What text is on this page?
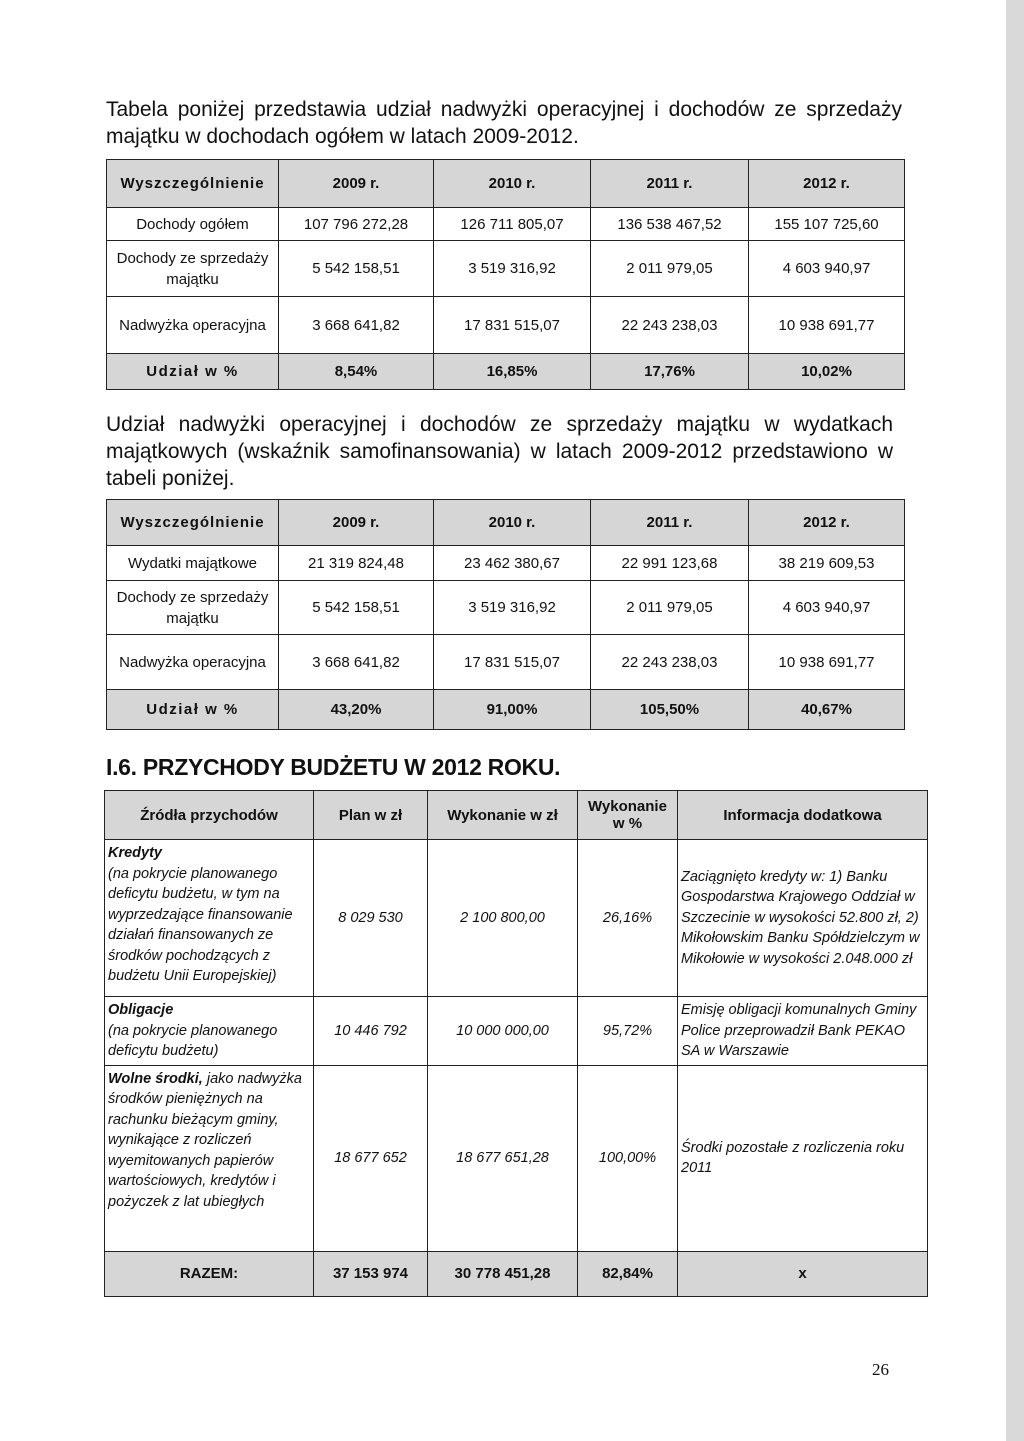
Tabela poniżej przedstawia udział nadwyżki operacyjnej i dochodów ze sprzedaży majątku w dochodach ogółem w latach 2009-2012.

Wyszczególnienie	2009 r.	2010 r.	2011 r.	2012 r.
Dochody ogółem	107 796 272,28	126 711 805,07	136 538 467,52	155 107 725,60
Dochody ze sprzedaży majątku	5 542 158,51	3 519 316,92	2 011 979,05	4 603 940,97
Nadwyżka operacyjna	3 668 641,82	17 831 515,07	22 243 238,03	10 938 691,77
Udział w %	8,54%	16,85%	17,76%	10,02%

Udział nadwyżki operacyjnej i dochodów ze sprzedaży majątku w wydatkach majątkowych (wskaźnik samofinansowania) w latach 2009-2012 przedstawiono w tabeli poniżej.

Wyszczególnienie	2009 r.	2010 r.	2011 r.	2012 r.
Wydatki majątkowe	21 319 824,48	23 462 380,67	22 991 123,68	38 219 609,53
Dochody ze sprzedaży majątku	5 542 158,51	3 519 316,92	2 011 979,05	4 603 940,97
Nadwyżka operacyjna	3 668 641,82	17 831 515,07	22 243 238,03	10 938 691,77
Udział w %	43,20%	91,00%	105,50%	40,67%
I.6. PRZYCHODY BUDŻETU W 2012 ROKU.
Źródła przychodów	Plan w zł	Wykonanie w zł	Wykonanie w %	Informacja dodatkowa
Kredyty
(na pokrycie planowanego deficytu budżetu, w tym na wyprzedzające finansowanie działań finansowanych ze środków pochodzących z budżetu Unii Europejskiej)	8 029 530	2 100 800,00	26,16%	Zaciągnięto kredyty w: 1) Banku Gospodarstwa Krajowego Oddział w Szczecinie w wysokości 52.800 zł, 2) Mikołowskim Banku Spółdzielczym w Mikołowie w wysokości 2.048.000 zł
Obligacje
(na pokrycie planowanego deficytu budżetu)	10 446 792	10 000 000,00	95,72%	Emisję obligacji komunalnych Gminy Police przeprowadził Bank PEKAO SA w Warszawie
Wolne środki, jako nadwyżka środków pieniężnych na rachunku bieżącym gminy, wynikające z rozliczeń wyemitowanych papierów wartościowych, kredytów i pożyczek z lat ubiegłych	18 677 652	18 677 651,28	100,00%	Środki pozostałe z rozliczenia roku 2011
RAZEM:	37 153 974	30 778 451,28	82,84%	x
26
